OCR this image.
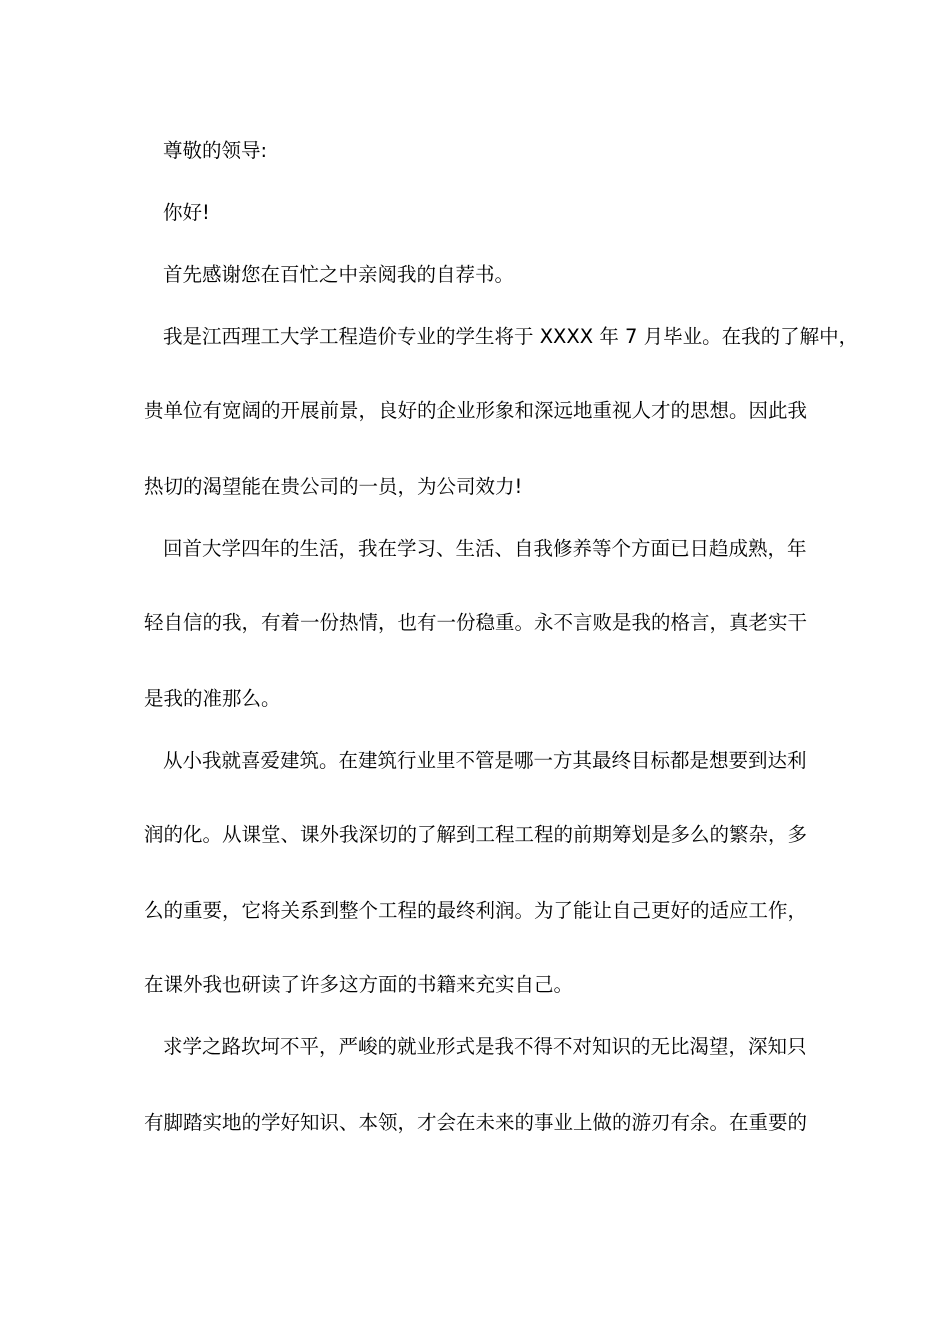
尊敬的领导:
你好!
首先感谢您在百忙之中亲阅我的自荐书。
我是江西理工大学工程造价专业的学生将于 XXXX 年 7 月毕业。在我的了解中，
贵单位有宽阔的开展前景，良好的企业形象和深远地重视人才的思想。因此我
热切的渴望能在贵公司的一员，为公司效力!
回首大学四年的生活，我在学习、生活、自我修养等个方面已日趋成熟，年
轻自信的我，有着一份热情，也有一份稳重。永不言败是我的格言，真老实干
是我的准那么。
从小我就喜爱建筑。在建筑行业里不管是哪一方其最终目标都是想要到达利
润的化。从课堂、课外我深切的了解到工程工程的前期筹划是多么的繁杂，多
么的重要，它将关系到整个工程的最终利润。为了能让自己更好的适应工作，
在课外我也研读了许多这方面的书籍来充实自己。
求学之路坎坷不平，严峻的就业形式是我不得不对知识的无比渴望，深知只
有脚踏实地的学好知识、本领，才会在未来的事业上做的游刃有余。在重要的
